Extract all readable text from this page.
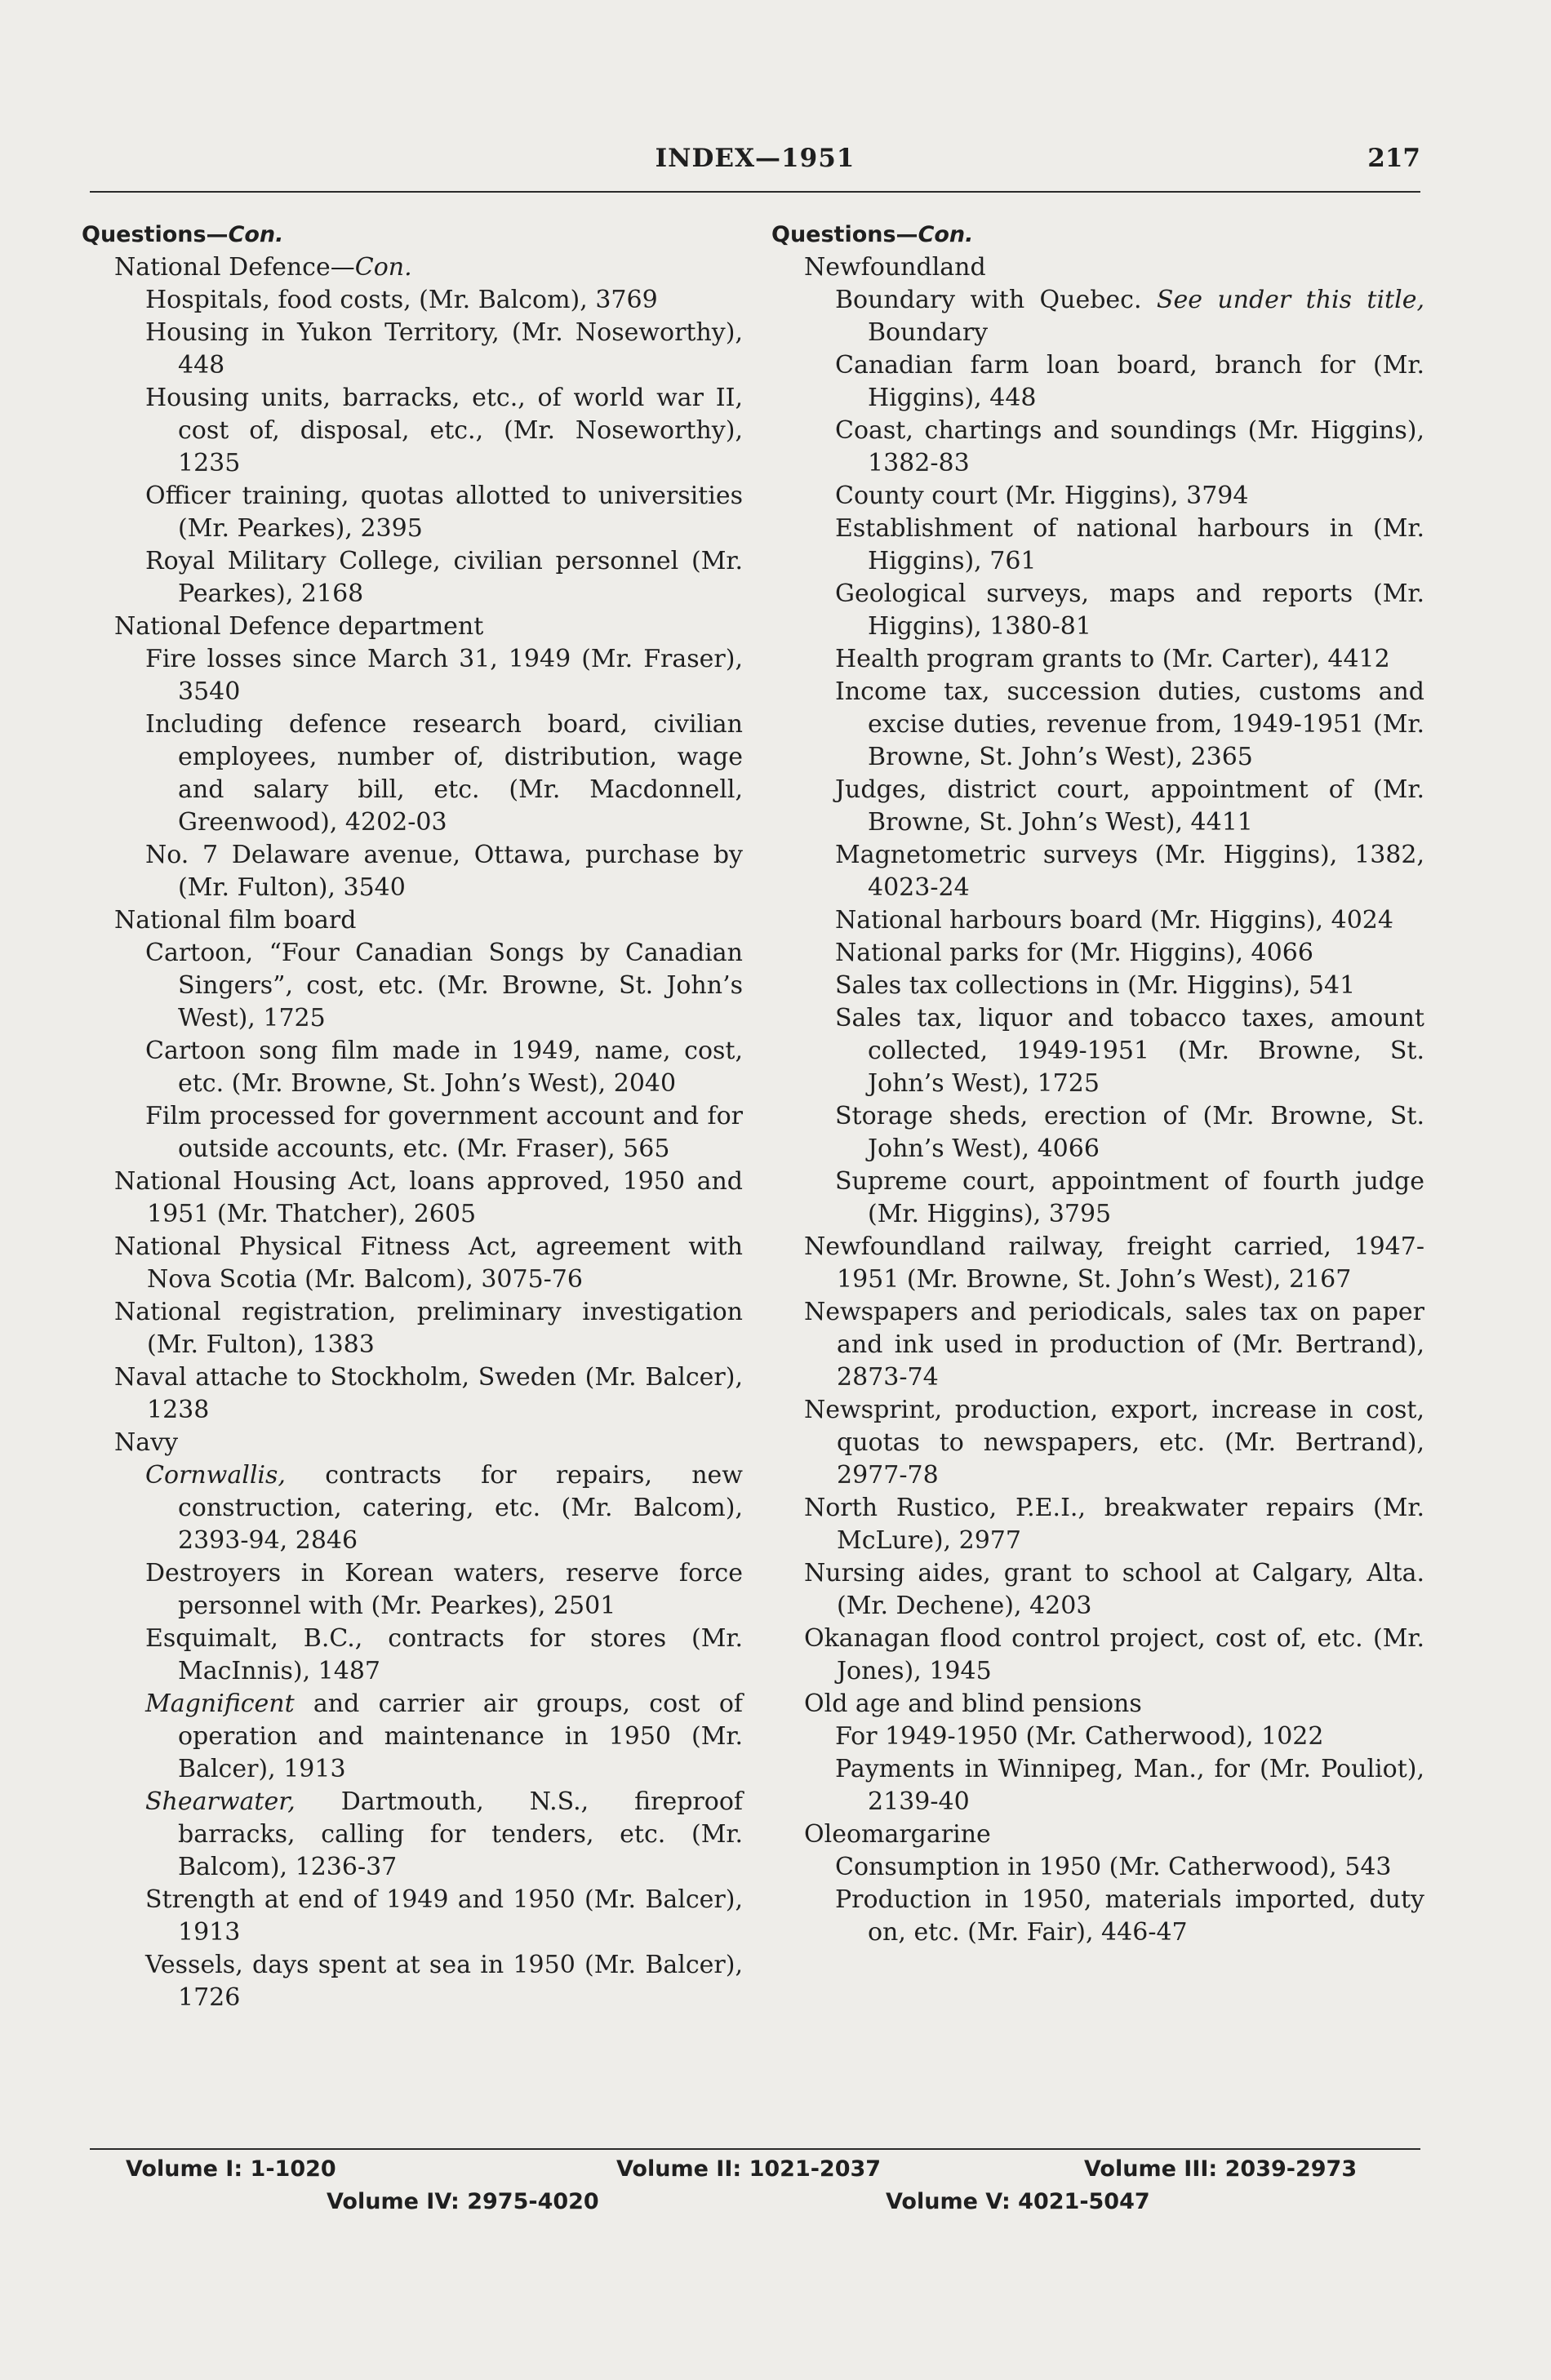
INDEX—1951	217

Questions—Con.

National Defence—Con.

Hospitals, food costs, (Mr. Balcom), 3769

Housing in Yukon Territory, (Mr. Noseworthy), 448

Housing units, barracks, etc., of world war II, cost of, disposal, etc., (Mr. Noseworthy), 1235

Officer training, quotas allotted to universities (Mr. Pearkes), 2395

Royal Military College, civilian personnel (Mr. Pearkes), 2168

National Defence department

Fire losses since March 31, 1949 (Mr. Fraser), 3540

Including defence research board, civilian employees, number of, distribution, wage and salary bill, etc. (Mr. Macdonnell, Greenwood), 4202-03

No. 7 Delaware avenue, Ottawa, purchase by (Mr. Fulton), 3540

National film board

Cartoon, “Four Canadian Songs by Canadian Singers”, cost, etc. (Mr. Browne, St. John’s West), 1725

Cartoon song film made in 1949, name, cost, etc. (Mr. Browne, St. John’s West), 2040

Film processed for government account and for outside accounts, etc. (Mr. Fraser), 565

National Housing Act, loans approved, 1950 and 1951 (Mr. Thatcher), 2605

National Physical Fitness Act, agreement with Nova Scotia (Mr. Balcom), 3075-76

National registration, preliminary investigation (Mr. Fulton), 1383

Naval attache to Stockholm, Sweden (Mr. Balcer), 1238

Navy

Cornwallis, contracts for repairs, new construction, catering, etc. (Mr. Balcom), 2393-94, 2846

Destroyers in Korean waters, reserve force personnel with (Mr. Pearkes), 2501

Esquimalt, B.C., contracts for stores (Mr. MacInnis), 1487

Magnificent and carrier air groups, cost of operation and maintenance in 1950 (Mr. Balcer), 1913

Shearwater, Dartmouth, N.S., fireproof barracks, calling for tenders, etc. (Mr. Balcom), 1236-37

Strength at end of 1949 and 1950 (Mr. Balcer), 1913

Vessels, days spent at sea in 1950 (Mr. Balcer), 1726

Questions—Con.

Newfoundland

Boundary with Quebec. See under this title, Boundary

Canadian farm loan board, branch for (Mr. Higgins), 448

Coast, chartings and soundings (Mr. Higgins), 1382-83

County court (Mr. Higgins), 3794

Establishment of national harbours in (Mr. Higgins), 761

Geological surveys, maps and reports (Mr. Higgins), 1380-81

Health program grants to (Mr. Carter), 4412

Income tax, succession duties, customs and excise duties, revenue from, 1949-1951 (Mr. Browne, St. John’s West), 2365

Judges, district court, appointment of (Mr. Browne, St. John’s West), 4411

Magnetometric surveys (Mr. Higgins), 1382, 4023-24

National harbours board (Mr. Higgins), 4024

National parks for (Mr. Higgins), 4066

Sales tax collections in (Mr. Higgins), 541

Sales tax, liquor and tobacco taxes, amount collected, 1949-1951 (Mr. Browne, St. John’s West), 1725

Storage sheds, erection of (Mr. Browne, St. John’s West), 4066

Supreme court, appointment of fourth judge (Mr. Higgins), 3795

Newfoundland railway, freight carried, 1947-1951 (Mr. Browne, St. John’s West), 2167

Newspapers and periodicals, sales tax on paper and ink used in production of (Mr. Bertrand), 2873-74

Newsprint, production, export, increase in cost, quotas to newspapers, etc. (Mr. Bertrand), 2977-78

North Rustico, P.E.I., breakwater repairs (Mr. McLure), 2977

Nursing aides, grant to school at Calgary, Alta. (Mr. Dechene), 4203

Okanagan flood control project, cost of, etc. (Mr. Jones), 1945

Old age and blind pensions

For 1949-1950 (Mr. Catherwood), 1022

Payments in Winnipeg, Man., for (Mr. Pouliot), 2139-40

Oleomargarine

Consumption in 1950 (Mr. Catherwood), 543

Production in 1950, materials imported, duty on, etc. (Mr. Fair), 446-47

Volume I: 1-1020	Volume II: 1021-2037	Volume III: 2039-2973
Volume IV: 2975-4020	Volume V: 4021-5047
